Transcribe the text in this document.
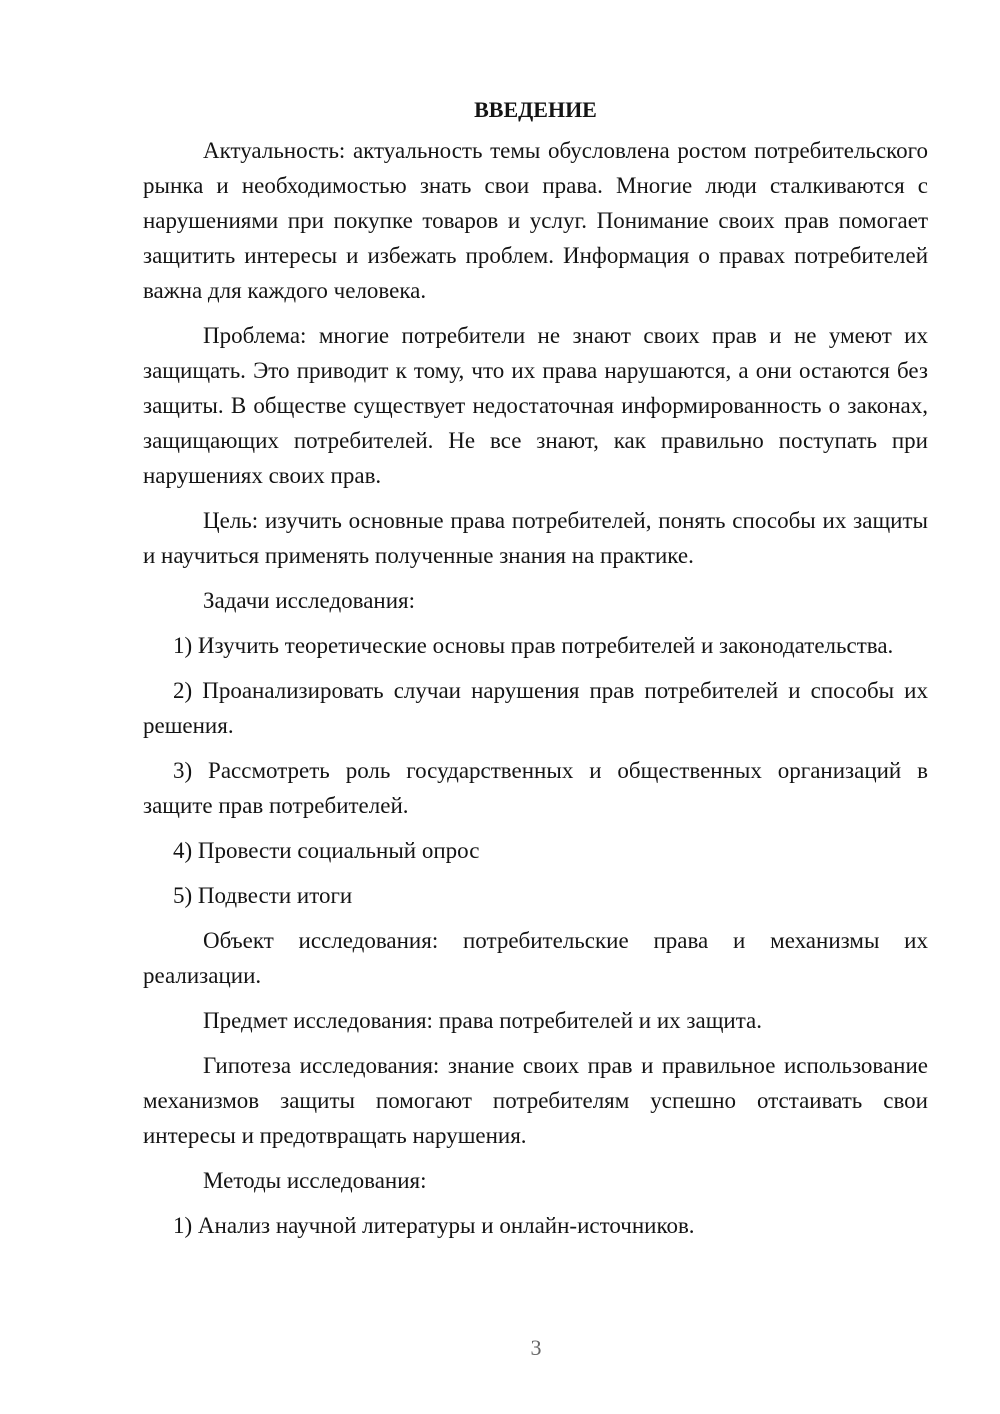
ВВЕДЕНИЕ

Актуальность: актуальность темы обусловлена ростом потребительского рынка и необходимостью знать свои права. Многие люди сталкиваются с нарушениями при покупке товаров и услуг. Понимание своих прав помогает защитить интересы и избежать проблем. Информация о правах потребителей важна для каждого человека.

Проблема: многие потребители не знают своих прав и не умеют их защищать. Это приводит к тому, что их права нарушаются, а они остаются без защиты. В обществе существует недостаточная информированность о законах, защищающих потребителей. Не все знают, как правильно поступать при нарушениях своих прав.

Цель: изучить основные права потребителей, понять способы их защиты и научиться применять полученные знания на практике.

Задачи исследования:

1) Изучить теоретические основы прав потребителей и законодательства.

2) Проанализировать случаи нарушения прав потребителей и способы их решения.

3) Рассмотреть роль государственных и общественных организаций в защите прав потребителей.

4) Провести социальный опрос

5) Подвести итоги

Объект исследования: потребительские права и механизмы их реализации.

Предмет исследования: права потребителей и их защита.

Гипотеза исследования: знание своих прав и правильное использование механизмов защиты помогают потребителям успешно отстаивать свои интересы и предотвращать нарушения.

Методы исследования:

1) Анализ научной литературы и онлайн-источников.

3
